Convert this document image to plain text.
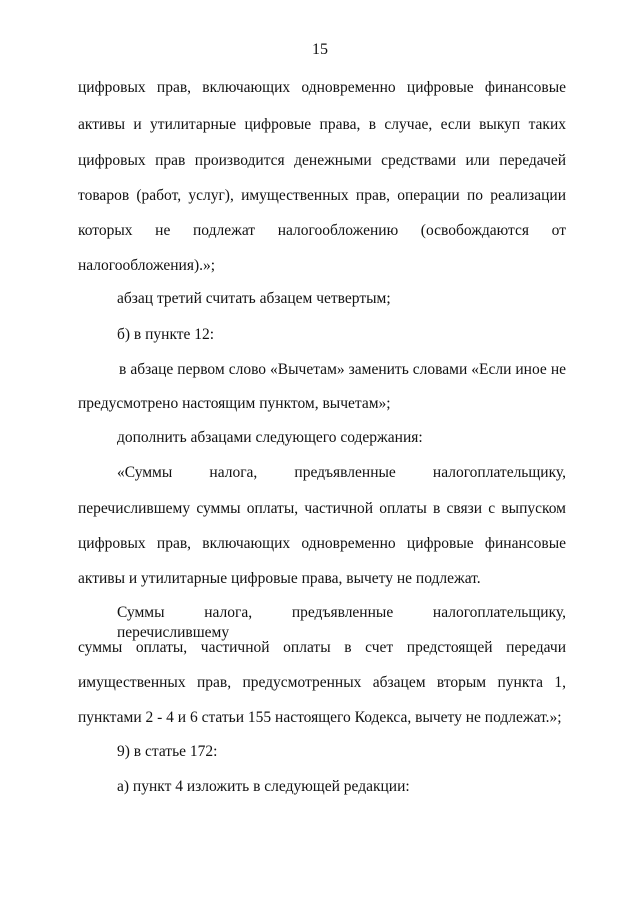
15
цифровых прав, включающих одновременно цифровые финансовые
активы и утилитарные цифровые права, в случае, если выкуп таких
цифровых прав производится денежными средствами или передачей
товаров (работ, услуг), имущественных прав, операции по реализации
которых не подлежат налогообложению (освобождаются от
налогообложения).»;
абзац третий считать абзацем четвертым;
б) в пункте 12:
в абзаце первом слово «Вычетам» заменить словами «Если иное не
предусмотрено настоящим пунктом, вычетам»;
дополнить абзацами следующего содержания:
«Суммы налога, предъявленные налогоплательщику,
перечислившему суммы оплаты, частичной оплаты в связи с выпуском
цифровых прав, включающих одновременно цифровые финансовые
активы и утилитарные цифровые права, вычету не подлежат.
Суммы налога, предъявленные налогоплательщику, перечислившему
суммы оплаты, частичной оплаты в счет предстоящей передачи
имущественных прав, предусмотренных абзацем вторым пункта 1,
пунктами 2 - 4 и 6 статьи 155 настоящего Кодекса, вычету не подлежат.»;
9) в статье 172:
а) пункт 4 изложить в следующей редакции:
